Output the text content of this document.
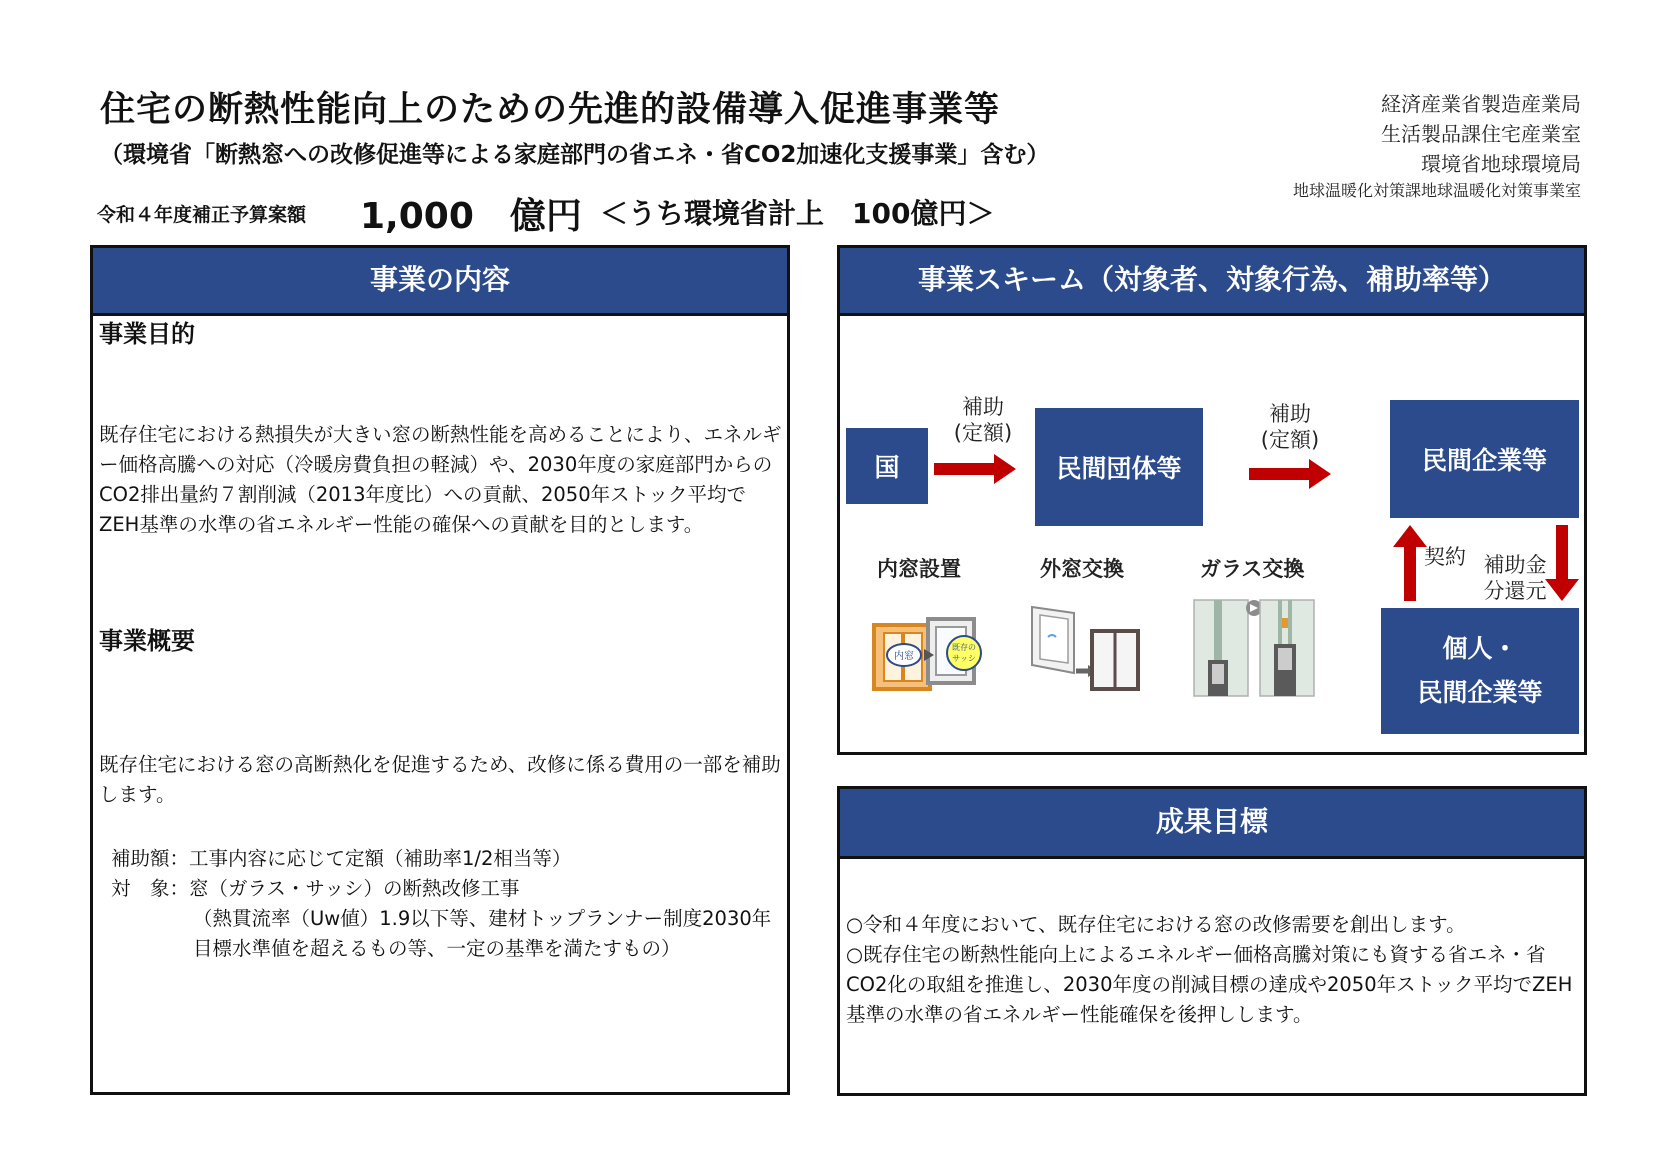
住宅の断熱性能向上のための先進的設備導入促進事業等
（環境省「断熱窓への改修促進等による家庭部門の省エネ・省CO2加速化支援事業」含む）
令和４年度補正予算案額 1,000　億円 ＜うち環境省計上　100億円＞
経済産業省製造産業局
生活製品課住宅産業室
環境省地球環境局
地球温暖化対策課地球温暖化対策事業室
事業の内容
事業目的
既存住宅における熱損失が大きい窓の断熱性能を高めることにより、エネルギー価格高騰への対応（冷暖房費負担の軽減）や、2030年度の家庭部門からのCO2排出量約７割削減（2013年度比）への貢献、2050年ストック平均でZEH基準の水準の省エネルギー性能の確保への貢献を目的とします。
事業概要
既存住宅における窓の高断熱化を促進するため、改修に係る費用の一部を補助します。
補助額：工事内容に応じて定額（補助率1/2相当等）
対　象：窓（ガラス・サッシ）の断熱改修工事
（熱貫流率（Uw値）1.9以下等、建材トップランナー制度2030年
目標水準値を超えるもの等、一定の基準を満たすもの）
事業スキーム（対象者、対象行為、補助率等）
国
補助
(定額)
民間団体等
補助
(定額)
民間企業等
契約 補助金
分還元
個人・
民間企業等
内窓設置	外窓交換	ガラス交換
内窓
既存の
サッシ
成果目標
○令和４年度において、既存住宅における窓の改修需要を創出します。
○既存住宅の断熱性能向上によるエネルギー価格高騰対策にも資する省エネ・省CO2化の取組を推進し、2030年度の削減目標の達成や2050年ストック平均でZEH基準の水準の省エネルギー性能確保を後押しします。
